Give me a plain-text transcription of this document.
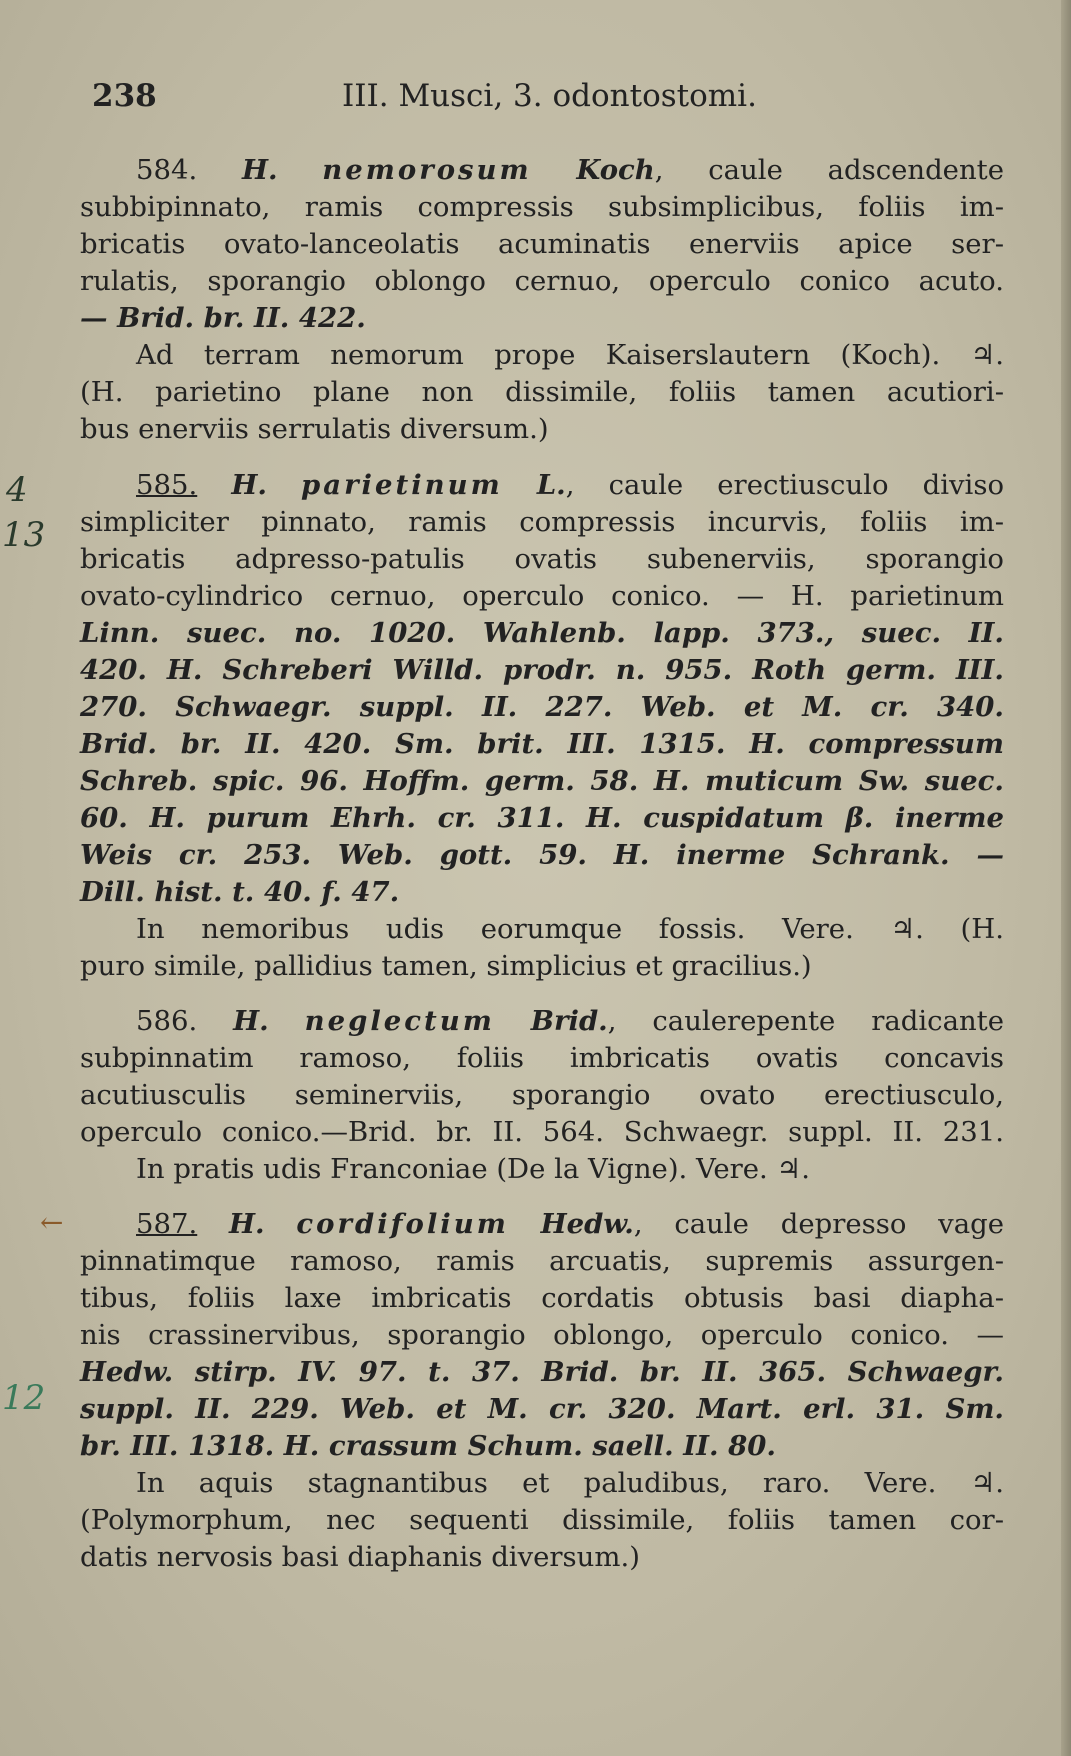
238	III. Musci, 3. odontostomi.

584. H. nemorosum Koch, caule adscendente

subbipinnato, ramis compressis subsimplicibus, foliis im-

bricatis ovato-lanceolatis acuminatis enerviis apice ser-

rulatis, sporangio oblongo cernuo, operculo conico acuto.

— Brid. br. II. 422.

Ad terram nemorum prope Kaiserslautern (Koch). ♃.

(H. parietino plane non dissimile, foliis tamen acutiori-

bus enerviis serrulatis diversum.)

585. H. parietinum L., caule erectiusculo diviso

simpliciter pinnato, ramis compressis incurvis, foliis im-

bricatis adpresso-patulis ovatis subenerviis, sporangio

ovato-cylindrico cernuo, operculo conico. — H. parietinum

Linn. suec. no. 1020. Wahlenb. lapp. 373., suec. II.

420. H. Schreberi Willd. prodr. n. 955. Roth germ. III.

270. Schwaegr. suppl. II. 227. Web. et M. cr. 340.

Brid. br. II. 420. Sm. brit. III. 1315. H. compressum

Schreb. spic. 96. Hoffm. germ. 58. H. muticum Sw. suec.

60. H. purum Ehrh. cr. 311. H. cuspidatum β. inerme

Weis cr. 253. Web. gott. 59. H. inerme Schrank. —

Dill. hist. t. 40. f. 47.

In nemoribus udis eorumque fossis. Vere. ♃. (H.

puro simile, pallidius tamen, simplicius et gracilius.)

586. H. neglectum Brid., caulerepente radicante

subpinnatim ramoso, foliis imbricatis ovatis concavis

acutiusculis seminerviis, sporangio ovato erectiusculo,

operculo conico.—Brid. br. II. 564. Schwaegr. suppl. II. 231.

In pratis udis Franconiae (De la Vigne). Vere. ♃.

587. H. cordifolium Hedw., caule depresso vage

pinnatimque ramoso, ramis arcuatis, supremis assurgen-

tibus, foliis laxe imbricatis cordatis obtusis basi diapha-

nis crassinervibus, sporangio oblongo, operculo conico. —

Hedw. stirp. IV. 97. t. 37. Brid. br. II. 365. Schwaegr.

suppl. II. 229. Web. et M. cr. 320. Mart. erl. 31. Sm.

br. III. 1318. H. crassum Schum. saell. II. 80.

In aquis stagnantibus et paludibus, raro. Vere. ♃.

(Polymorphum, nec sequenti dissimile, foliis tamen cor-

datis nervosis basi diaphanis diversum.)

4
13
←
12
